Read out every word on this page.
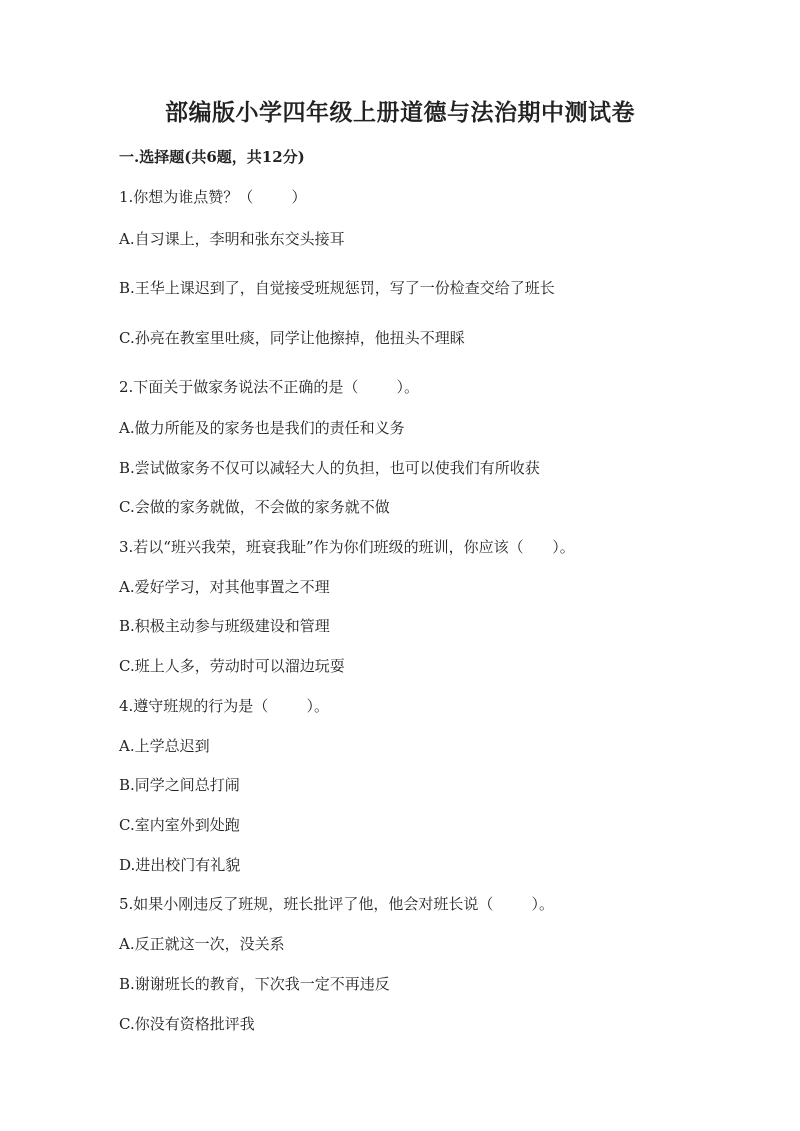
部编版小学四年级上册道德与法治期中测试卷
一.选择题(共6题，共12分)
1.你想为谁点赞？（        ）
A.自习课上，李明和张东交头接耳
B.王华上课迟到了，自觉接受班规惩罚，写了一份检查交给了班长
C.孙亮在教室里吐痰，同学让他擦掉，他扭头不理睬
2.下面关于做家务说法不正确的是（        ）。
A.做力所能及的家务也是我们的责任和义务
B.尝试做家务不仅可以减轻大人的负担，也可以使我们有所收获
C.会做的家务就做，不会做的家务就不做
3.若以“班兴我荣，班衰我耻”作为你们班级的班训，你应该（      ）。
A.爱好学习，对其他事置之不理
B.积极主动参与班级建设和管理
C.班上人多，劳动时可以溜边玩耍
4.遵守班规的行为是（        ）。
A.上学总迟到
B.同学之间总打闹
C.室内室外到处跑
D.进出校门有礼貌
5.如果小刚违反了班规，班长批评了他，他会对班长说（        ）。
A.反正就这一次，没关系
B.谢谢班长的教育，下次我一定不再违反
C.你没有资格批评我
